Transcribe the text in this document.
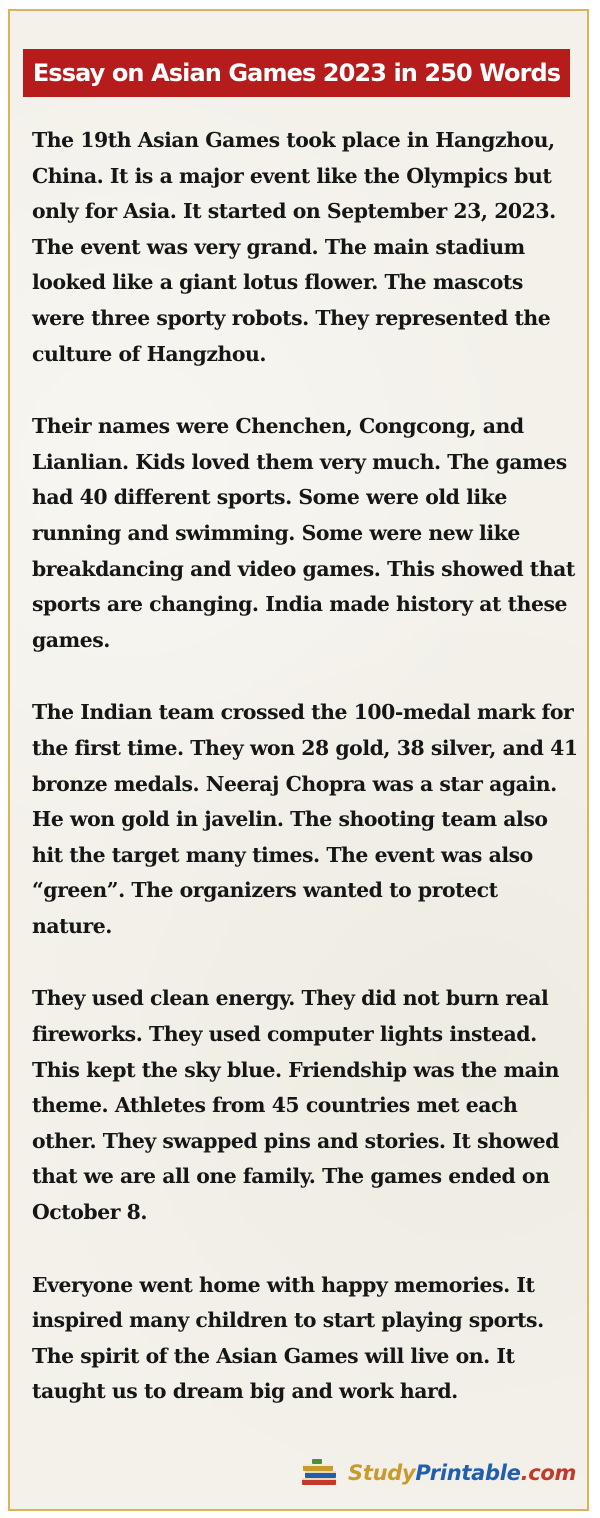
Essay on Asian Games 2023 in 250 Words

The 19th Asian Games took place in Hangzhou, China. It is a major event like the Olympics but only for Asia. It started on September 23, 2023. The event was very grand. The main stadium looked like a giant lotus flower. The mascots were three sporty robots. They represented the culture of Hangzhou.

Their names were Chenchen, Congcong, and Lianlian. Kids loved them very much. The games had 40 different sports. Some were old like running and swimming. Some were new like breakdancing and video games. This showed that sports are changing. India made history at these games.

The Indian team crossed the 100-medal mark for the first time. They won 28 gold, 38 silver, and 41 bronze medals. Neeraj Chopra was a star again. He won gold in javelin. The shooting team also hit the target many times. The event was also “green”. The organizers wanted to protect nature.

They used clean energy. They did not burn real fireworks. They used computer lights instead. This kept the sky blue. Friendship was the main theme. Athletes from 45 countries met each other. They swapped pins and stories. It showed that we are all one family. The games ended on October 8.

Everyone went home with happy memories. It inspired many children to start playing sports. The spirit of the Asian Games will live on. It taught us to dream big and work hard.

StudyPrintable.com
